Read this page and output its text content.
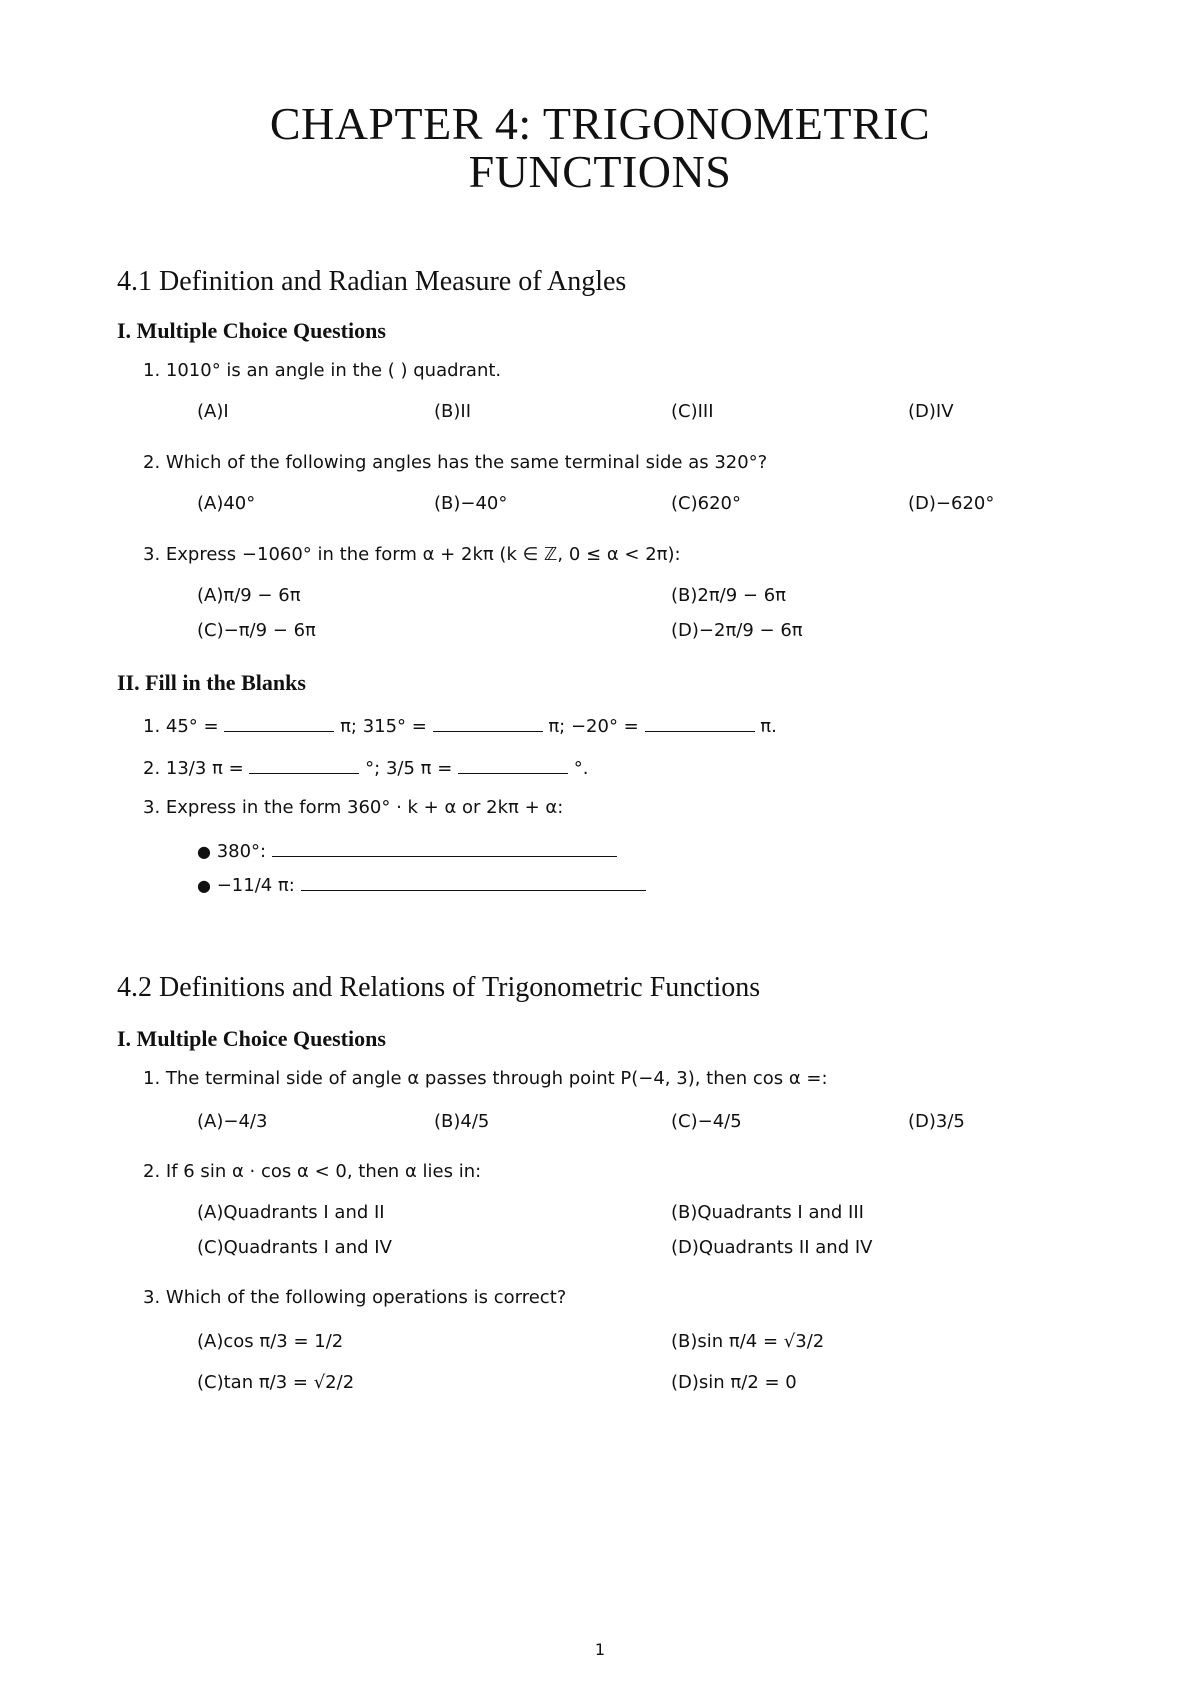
CHAPTER 4: TRIGONOMETRIC
FUNCTIONS
4.1 Definition and Radian Measure of Angles
I. Multiple Choice Questions
1. 1010° is an angle in the ( ) quadrant.
(A)I	(B)II	(C)III	(D)IV
2. Which of the following angles has the same terminal side as 320°?
(A)40°	(B)−40°	(C)620°	(D)−620°
3. Express −1060° in the form α + 2kπ (k ∈ ℤ, 0 ≤ α < 2π):
(A)π/9 − 6π	(B)2π/9 − 6π
(C)−π/9 − 6π	(D)−2π/9 − 6π
II. Fill in the Blanks
1. 45° =	π; 315° =	π; −20° =	π.
2. 13/3 π =	°; 3/5 π =	°.
3. Express in the form 360° · k + α or 2kπ + α:
● 380°:
● −11/4 π:
4.2 Definitions and Relations of Trigonometric Functions
I. Multiple Choice Questions
1. The terminal side of angle α passes through point P(−4, 3), then cos α =:
(A)−4/3	(B)4/5	(C)−4/5	(D)3/5
2. If 6 sin α · cos α < 0, then α lies in:
(A)Quadrants I and II	(B)Quadrants I and III
(C)Quadrants I and IV	(D)Quadrants II and IV
3. Which of the following operations is correct?
(A)cos π/3 = 1/2	(B)sin π/4 = √3/2
(C)tan π/3 = √2/2	(D)sin π/2 = 0
1
